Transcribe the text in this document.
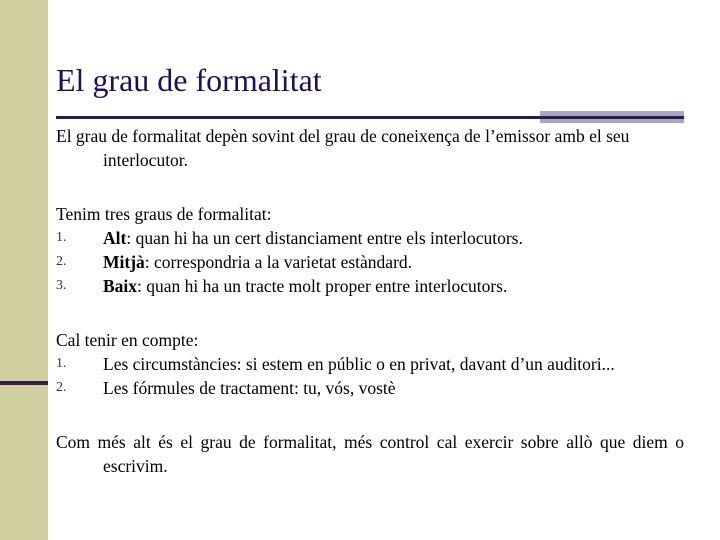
El grau de formalitat

El grau de formalitat depèn sovint del grau de coneixença de l’emissor amb el seu interlocutor.

Tenim tres graus de formalitat:
1. Alt: quan hi ha un cert distanciament entre els interlocutors.
2. Mitjà: correspondria a la varietat estàndard.
3. Baix: quan hi ha un tracte molt proper entre interlocutors.
Cal tenir en compte:
1. Les circumstàncies: si estem en públic o en privat, davant d’un auditori...
2. Les fórmules de tractament: tu, vós, vostè

Com més alt és el grau de formalitat, més control cal exercir sobre allò que diem o escrivim.
